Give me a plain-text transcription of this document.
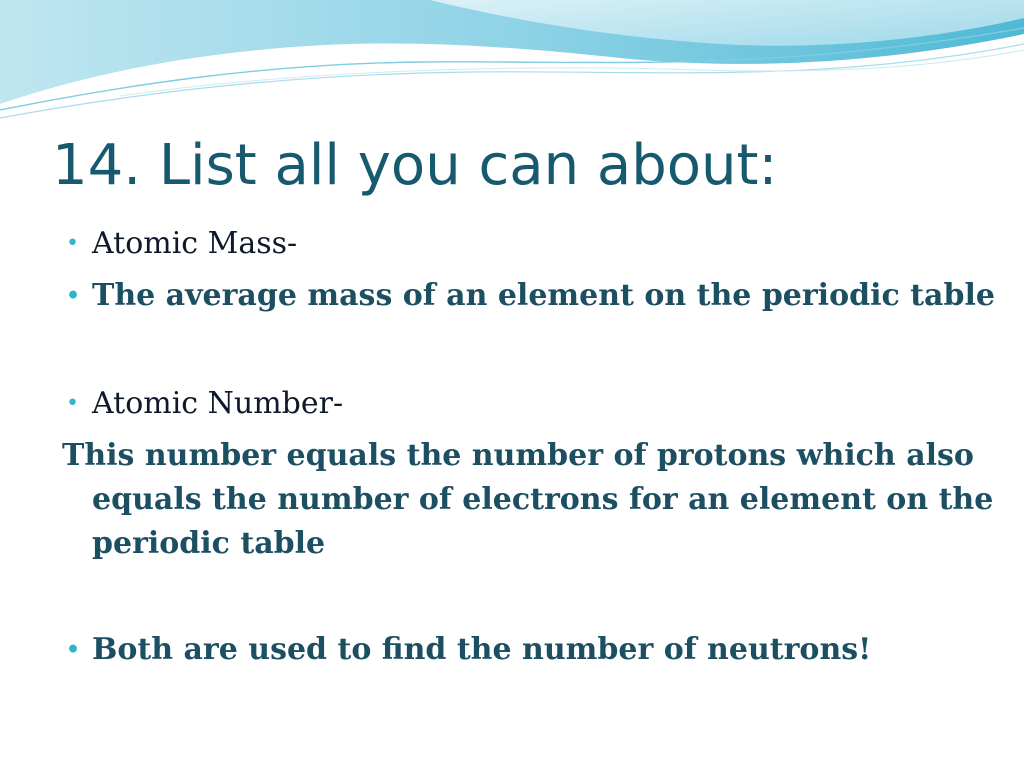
14. List all you can about:
• Atomic Mass-
• The average mass of an element on the periodic table
• Atomic Number-
This number equals the number of protons which also equals the number of electrons for an element on the periodic table
• Both are used to find the number of neutrons!
